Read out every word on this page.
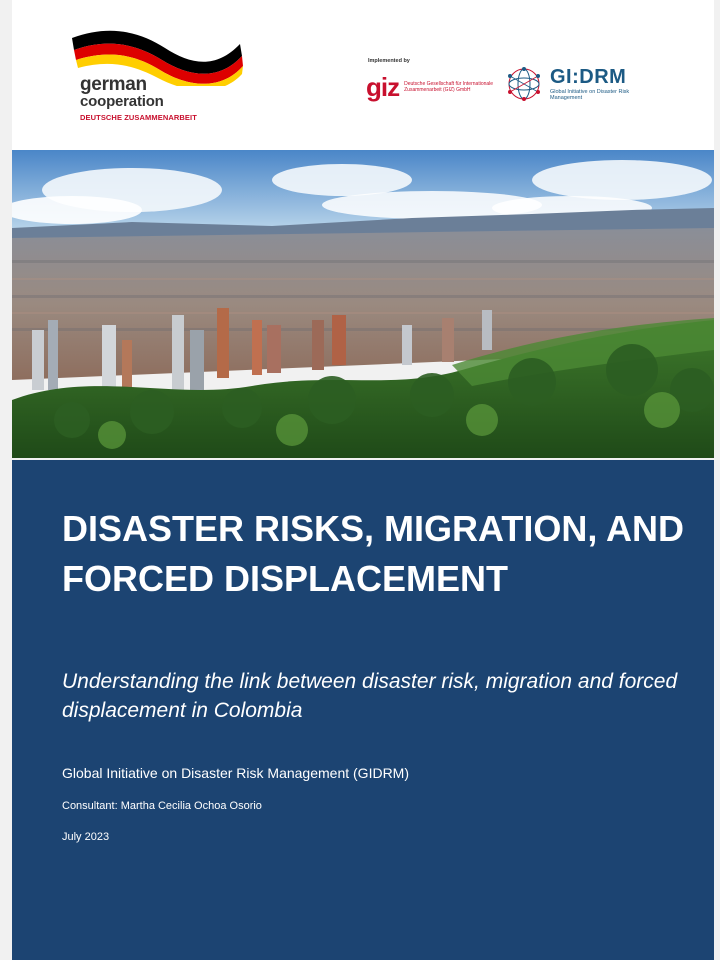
german
cooperation
DEUTSCHE ZUSAMMENARBEIT
Implemented by
giz Deutsche Gesellschaft für Internationale Zusammenarbeit (GIZ) GmbH
GI:DRM
Global Initiative on Disaster Risk Management
DISASTER RISKS, MIGRATION, AND FORCED DISPLACEMENT
Understanding the link between disaster risk, migration and forced displacement in Colombia
Global Initiative on Disaster Risk Management (GIDRM)
Consultant: Martha Cecilia Ochoa Osorio
July 2023
